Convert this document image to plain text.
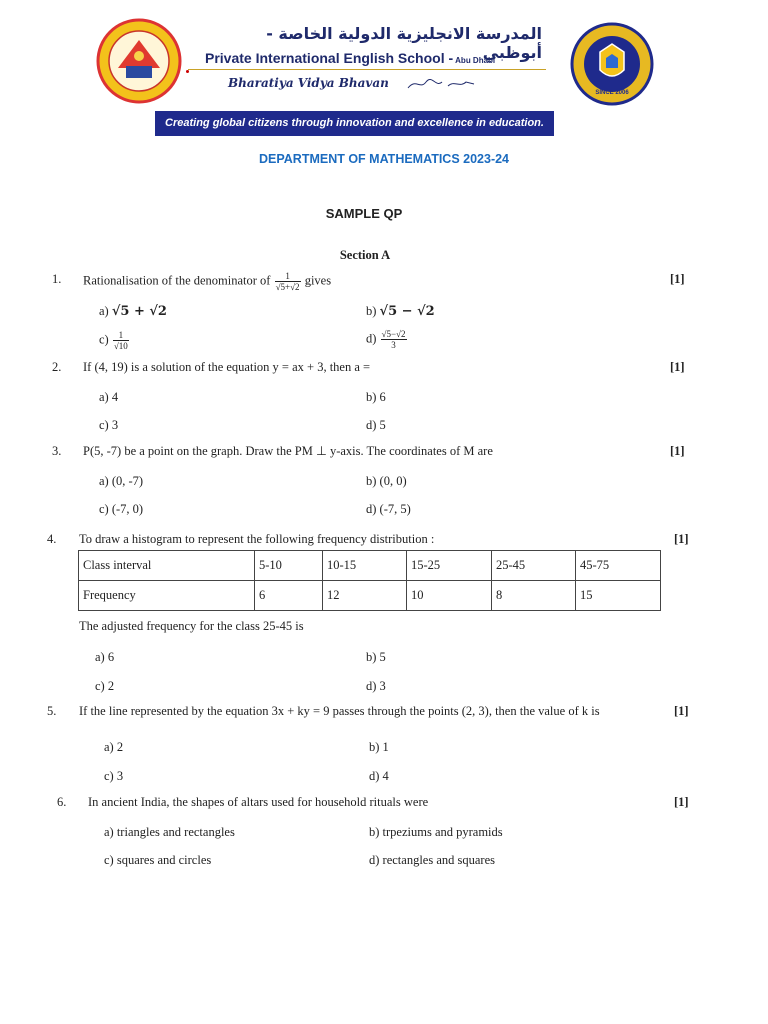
المدرسة الانجليزية الدولية الخاصة - أبوظبي
Private International English School - Abu Dhabi
Bharatiya Vidya Bhavan
SINCE 2006
Creating global citizens through innovation and excellence in education.
DEPARTMENT OF MATHEMATICS 2023-24
SAMPLE QP
Section A
1. Rationalisation of the denominator of $\frac{1}{√5+√2}$ gives	[1]
a) √5 + √2	b) √5 − √2
$c) \frac{1}{√10}$	$d) \frac{√5-√2}{3}$
2. If (4, 19) is a solution of the equation y = ax + 3, then a =	[1]
a) 4	b) 6
c) 3	d) 5
3. P(5, -7) be a point on the graph. Draw the PM ⊥ y-axis. The coordinates of M are	[1]
a) (0, -7)	b) (0, 0)
c) (-7, 0)	d) (-7, 5)
4. To draw a histogram to represent the following frequency distribution :	[1]
Class interval	5-10	10-15	15-25	25-45	45-75
Frequency	6	12	10	8	15
The adjusted frequency for the class 25-45 is
a) 6	b) 5
c) 2	d) 3
5. If the line represented by the equation 3x + ky = 9 passes through the points (2, 3), then the value of k is	[1]
a) 2	b) 1
c) 3	d) 4
6. In ancient India, the shapes of altars used for household rituals were	[1]
a) triangles and rectangles	b) trpeziums and pyramids
c) squares and circles	d) rectangles and squares
